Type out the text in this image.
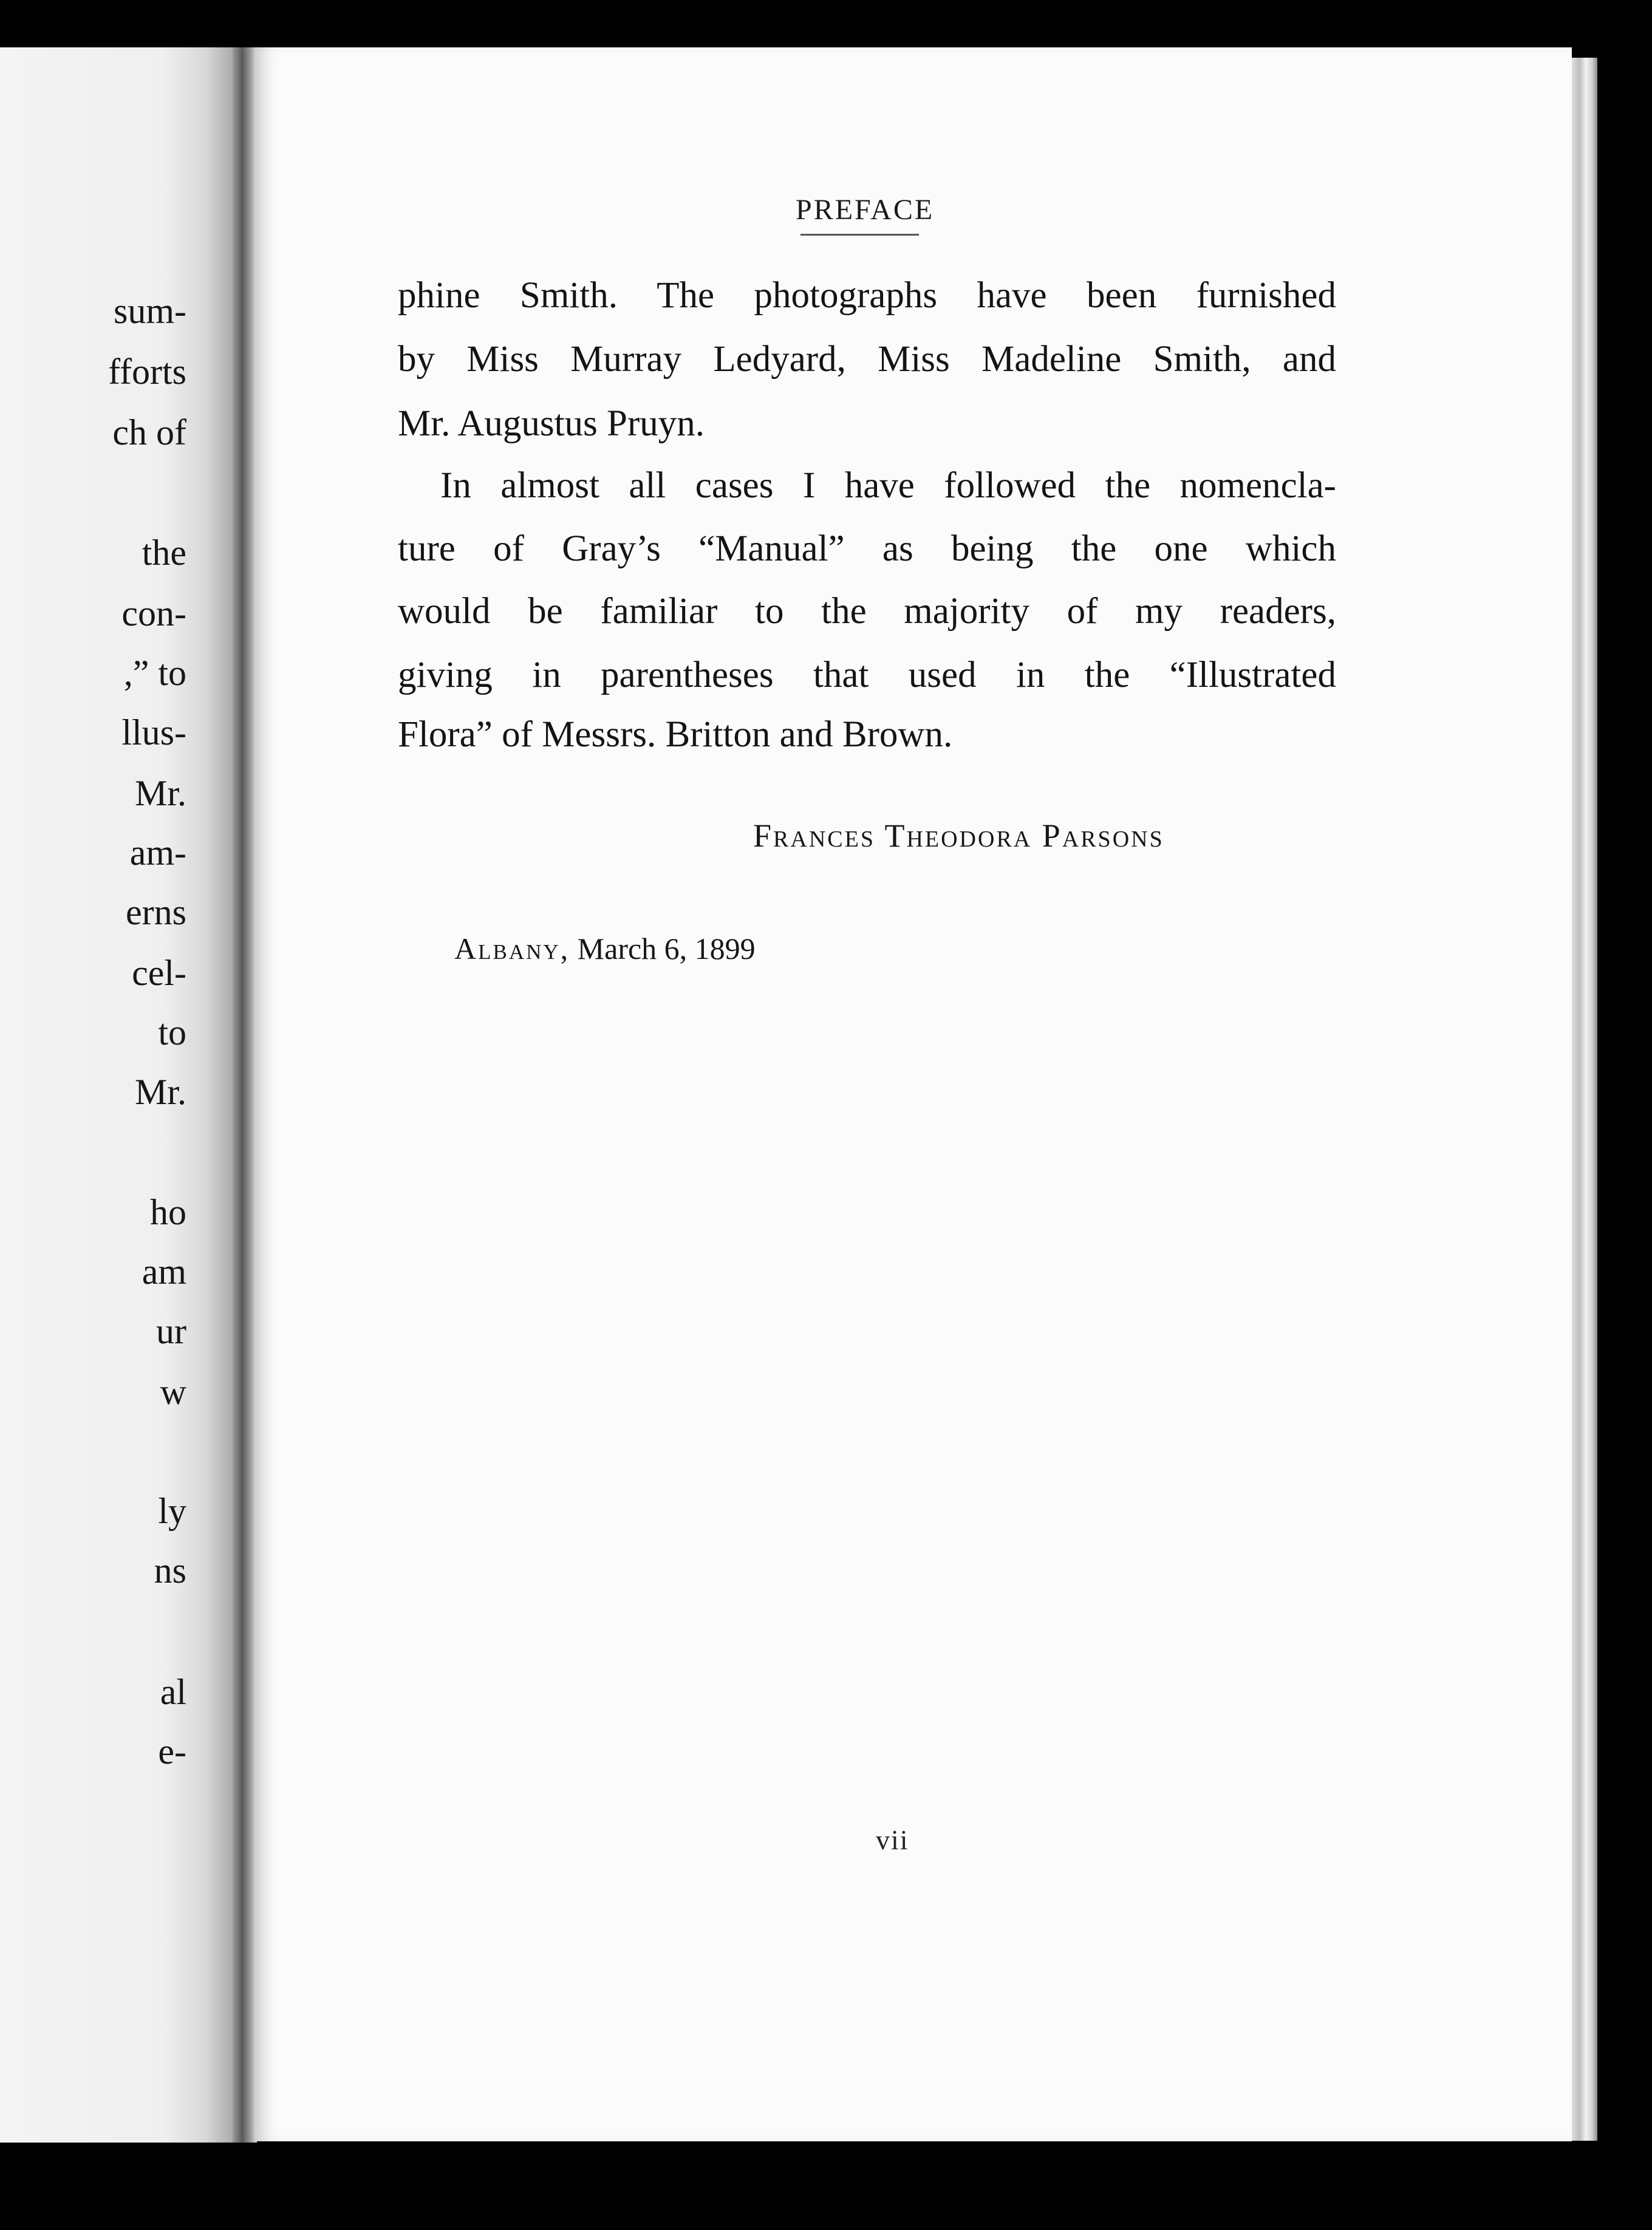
sum-
fforts
ch of
the
con-
,” to
llus-
Mr.
am-
erns
cel-
to
Mr.
ho
am
ur
w
ly
ns
al
e-
PREFACE
phine Smith. The photographs have been furnished
by Miss Murray Ledyard, Miss Madeline Smith, and
Mr. Augustus Pruyn.
In almost all cases I have followed the nomencla-
ture of Gray’s “Manual” as being the one which
would be familiar to the majority of my readers,
giving in parentheses that used in the “Illustrated
Flora” of Messrs. Britton and Brown.
Frances Theodora Parsons
Albany, March 6, 1899
vii
